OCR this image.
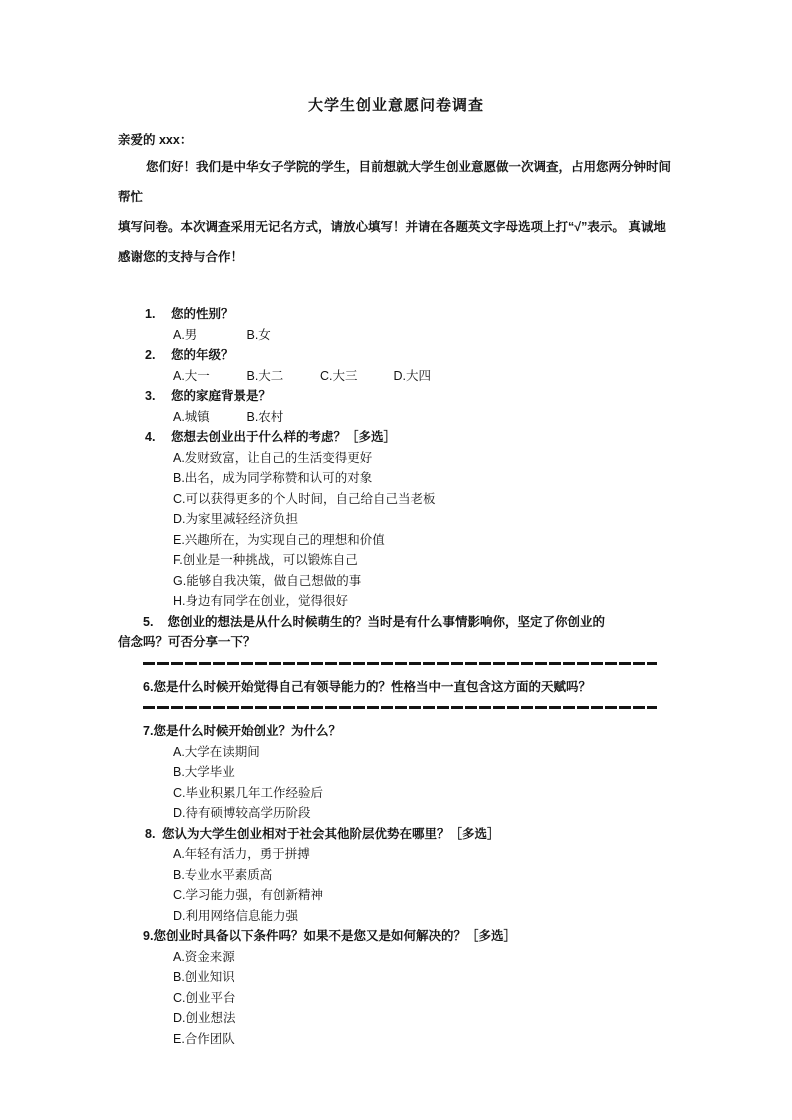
大学生创业意愿问卷调查
亲爱的 xxx：
您们好！我们是中华女子学院的学生，目前想就大学生创业意愿做一次调查，占用您两分钟时间帮忙
填写问卷。本次调查采用无记名方式，请放心填写！并请在各题英文字母选项上打“√”表示。 真诚地
感谢您的支持与合作！
1.	您的性别？
A.男	B.女
2.	您的年级？
A.大一	B.大二	C.大三	D.大四
3.	您的家庭背景是？
A.城镇	B.农村
4.	您想去创业出于什么样的考虑？［多选］
A.发财致富，让自己的生活变得更好
B.出名，成为同学称赞和认可的对象
C.可以获得更多的个人时间，自己给自己当老板
D.为家里减轻经济负担
E.兴趣所在，为实现自己的理想和价值
F.创业是一种挑战，可以锻炼自己
G.能够自我决策，做自己想做的事
H.身边有同学在创业，觉得很好

5. 您创业的想法是从什么时候萌生的？当时是有什么事情影响你，坚定了你创业的
信念吗？可否分享一下？

6.您是什么时候开始觉得自己有领导能力的？性格当中一直包含这方面的天赋吗？
7.您是什么时候开始创业？为什么？
A.大学在读期间
B.大学毕业
C.毕业积累几年工作经验后
D.待有硕博较高学历阶段
8. 您认为大学生创业相对于社会其他阶层优势在哪里？［多选］
A.年轻有活力，勇于拼搏
B.专业水平素质高
C.学习能力强，有创新精神
D.利用网络信息能力强
9.您创业时具备以下条件吗？如果不是您又是如何解决的？［多选］
A.资金来源
B.创业知识
C.创业平台
D.创业想法
E.合作团队
